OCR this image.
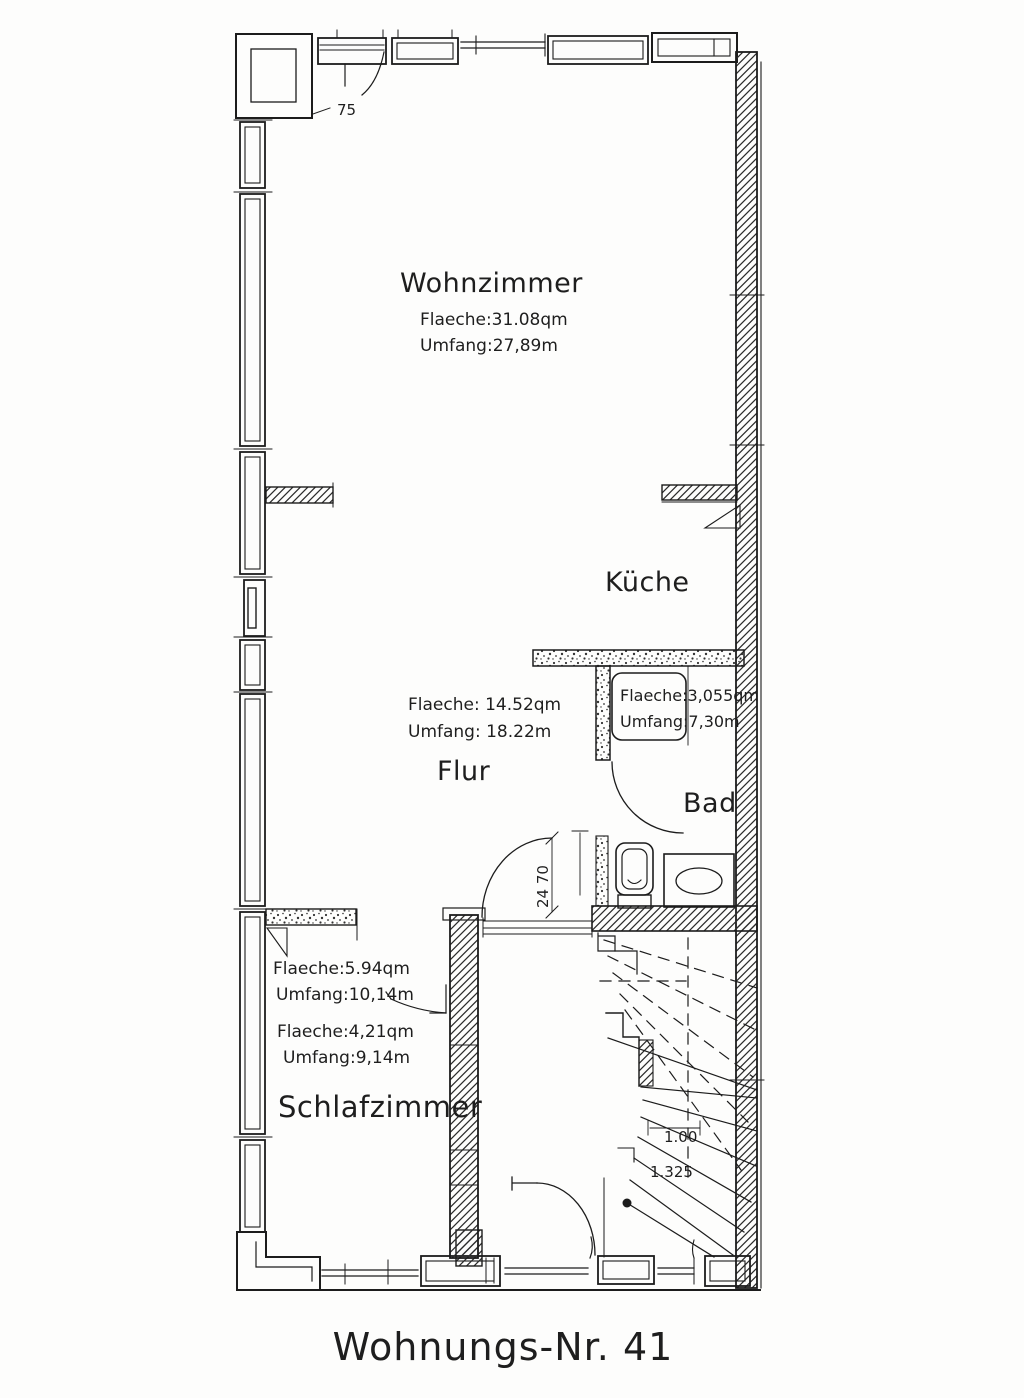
Wohnzimmer
Flaeche:31.08qm
Umfang:27,89m
Küche
Flaeche: 14.52qm
Umfang: 18.22m
Flur
Flaeche:3,055qm
Umfang:7,30m
Bad
Flaeche:5.94qm
Umfang:10,14m
Flaeche:4,21qm
Umfang:9,14m
Schlafzimmer
75
24 70
1.00
1.325
Wohnungs-Nr. 41
